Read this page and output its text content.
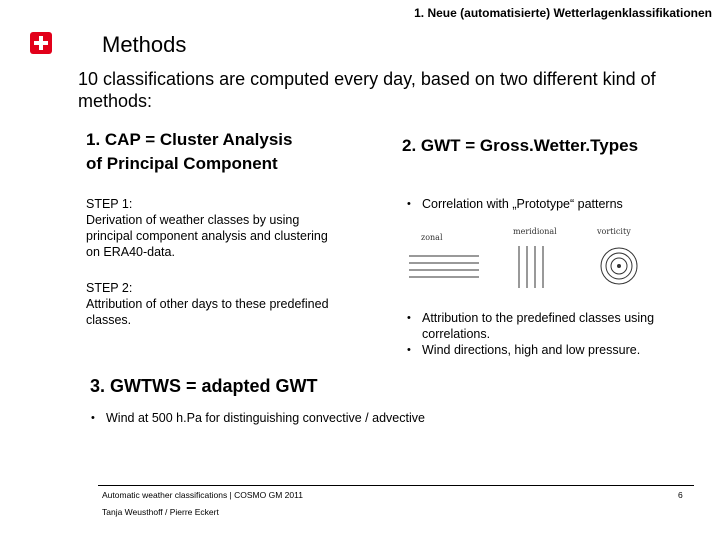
1. Neue (automatisierte) Wetterlagenklassifikationen
Methods
10 classifications are computed every day, based on two different kind of methods:
1. CAP = Cluster Analysis
of Principal Component
STEP 1:
Derivation of weather classes by using
principal component analysis and clustering
on ERA40-data.
STEP 2:
Attribution of other days to these predefined
classes.
2. GWT = Gross.Wetter.Types
• Correlation with „Prototype“ patterns
zonal
meridional	vorticity
• Attribution to the predefined classes using correlations.
• Wind directions, high and low pressure.
3. GWTWS = adapted GWT
• Wind at 500 h.Pa for distinguishing convective / advective
Automatic weather classifications | COSMO GM 2011	6
Tanja Weusthoff / Pierre Eckert
